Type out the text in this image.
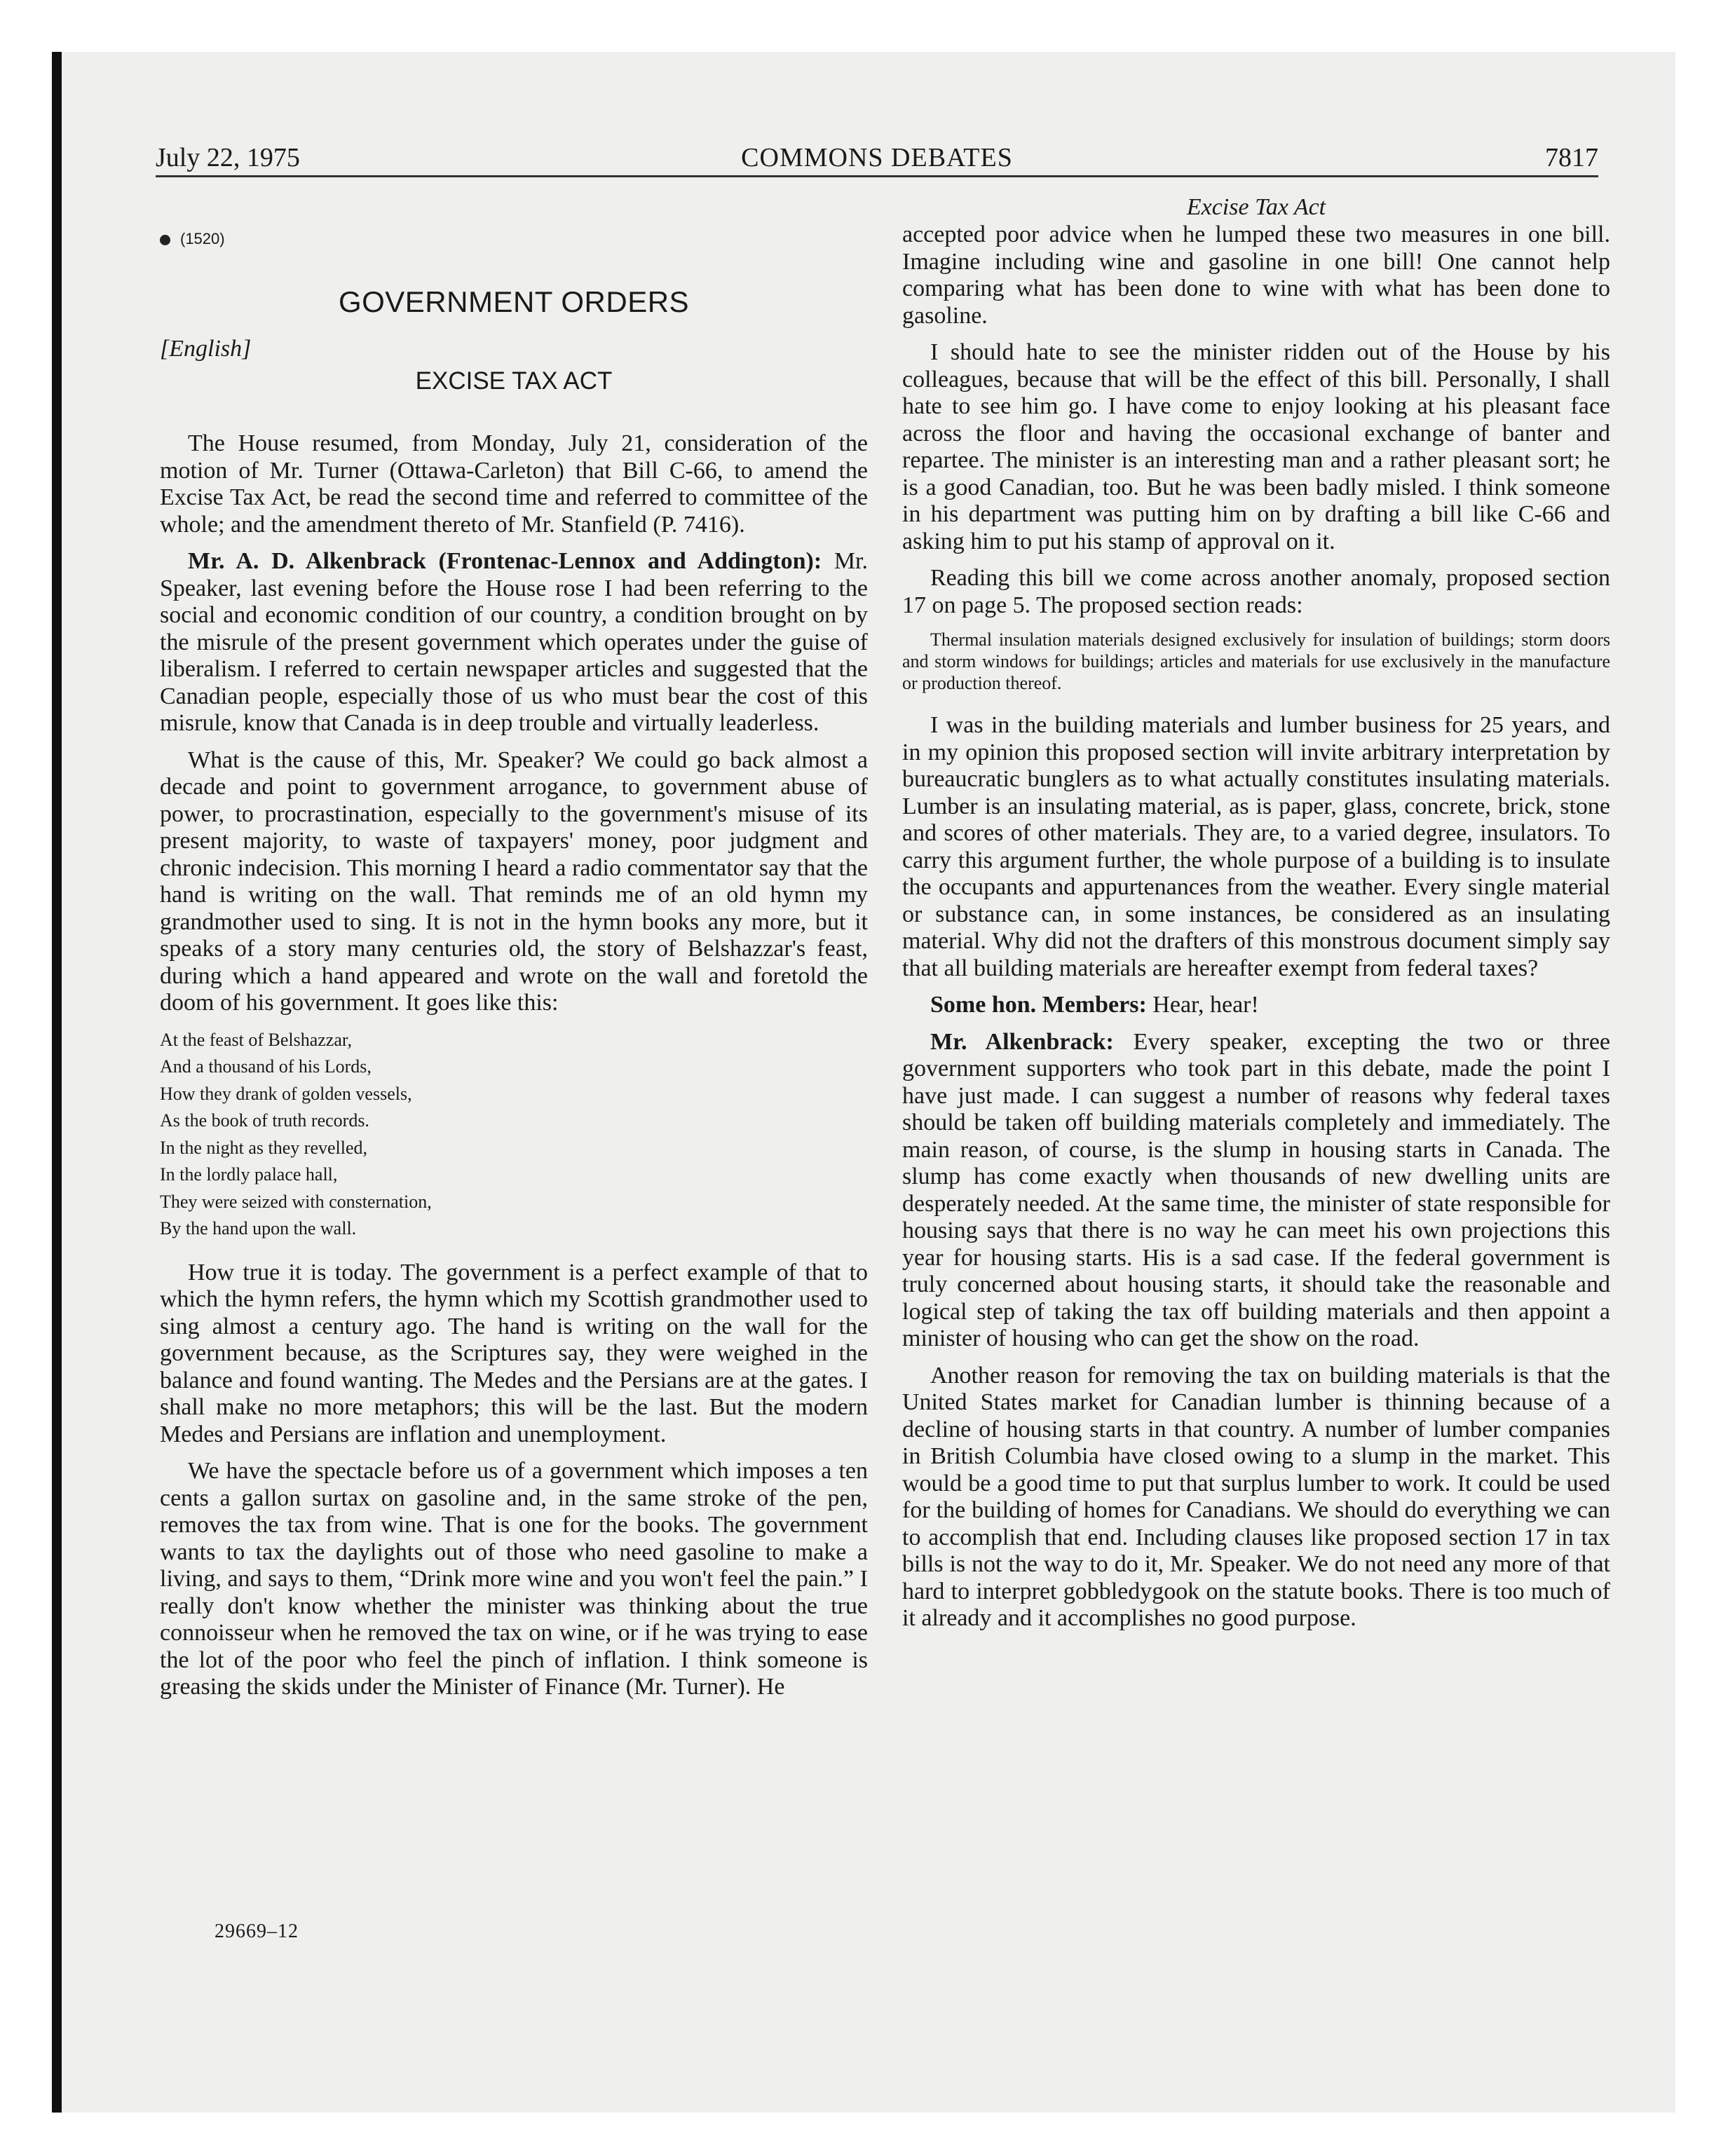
July 22, 1975	COMMONS DEBATES	7817
(1520)
GOVERNMENT ORDERS
[English]
EXCISE TAX ACT

The House resumed, from Monday, July 21, consideration of the motion of Mr. Turner (Ottawa-Carleton) that Bill C-66, to amend the Excise Tax Act, be read the second time and referred to committee of the whole; and the amendment thereto of Mr. Stanfield (P. 7416).

Mr. A. D. Alkenbrack (Frontenac-Lennox and Addington): Mr. Speaker, last evening before the House rose I had been referring to the social and economic condition of our country, a condition brought on by the misrule of the present government which operates under the guise of liberalism. I referred to certain newspaper articles and suggested that the Canadian people, especially those of us who must bear the cost of this misrule, know that Canada is in deep trouble and virtually leaderless.

What is the cause of this, Mr. Speaker? We could go back almost a decade and point to government arrogance, to government abuse of power, to procrastination, especially to the government's misuse of its present majority, to waste of taxpayers' money, poor judgment and chronic indecision. This morning I heard a radio commentator say that the hand is writing on the wall. That reminds me of an old hymn my grandmother used to sing. It is not in the hymn books any more, but it speaks of a story many centuries old, the story of Belshazzar's feast, during which a hand appeared and wrote on the wall and foretold the doom of his government. It goes like this:

At the feast of Belshazzar,
And a thousand of his Lords,
How they drank of golden vessels,
As the book of truth records.
In the night as they revelled,
In the lordly palace hall,
They were seized with consternation,
By the hand upon the wall.

How true it is today. The government is a perfect example of that to which the hymn refers, the hymn which my Scottish grandmother used to sing almost a century ago. The hand is writing on the wall for the government because, as the Scriptures say, they were weighed in the balance and found wanting. The Medes and the Persians are at the gates. I shall make no more metaphors; this will be the last. But the modern Medes and Persians are inflation and unemployment.

We have the spectacle before us of a government which imposes a ten cents a gallon surtax on gasoline and, in the same stroke of the pen, removes the tax from wine. That is one for the books. The government wants to tax the daylights out of those who need gasoline to make a living, and says to them, “Drink more wine and you won't feel the pain.” I really don't know whether the minister was thinking about the true connoisseur when he removed the tax on wine, or if he was trying to ease the lot of the poor who feel the pinch of inflation. I think someone is greasing the skids under the Minister of Finance (Mr. Turner). He

Excise Tax Act

accepted poor advice when he lumped these two measures in one bill. Imagine including wine and gasoline in one bill! One cannot help comparing what has been done to wine with what has been done to gasoline.

I should hate to see the minister ridden out of the House by his colleagues, because that will be the effect of this bill. Personally, I shall hate to see him go. I have come to enjoy looking at his pleasant face across the floor and having the occasional exchange of banter and repartee. The minister is an interesting man and a rather pleasant sort; he is a good Canadian, too. But he was been badly misled. I think someone in his department was putting him on by drafting a bill like C-66 and asking him to put his stamp of approval on it.

Reading this bill we come across another anomaly, proposed section 17 on page 5. The proposed section reads:

Thermal insulation materials designed exclusively for insulation of buildings; storm doors and storm windows for buildings; articles and materials for use exclusively in the manufacture or production thereof.

I was in the building materials and lumber business for 25 years, and in my opinion this proposed section will invite arbitrary interpretation by bureaucratic bunglers as to what actually constitutes insulating materials. Lumber is an insulating material, as is paper, glass, concrete, brick, stone and scores of other materials. They are, to a varied degree, insulators. To carry this argument further, the whole purpose of a building is to insulate the occupants and appurtenances from the weather. Every single material or substance can, in some instances, be considered as an insulating material. Why did not the drafters of this monstrous document simply say that all building materials are hereafter exempt from federal taxes?

Some hon. Members: Hear, hear!

Mr. Alkenbrack: Every speaker, excepting the two or three government supporters who took part in this debate, made the point I have just made. I can suggest a number of reasons why federal taxes should be taken off building materials completely and immediately. The main reason, of course, is the slump in housing starts in Canada. The slump has come exactly when thousands of new dwelling units are desperately needed. At the same time, the minister of state responsible for housing says that there is no way he can meet his own projections this year for housing starts. His is a sad case. If the federal government is truly concerned about housing starts, it should take the reasonable and logical step of taking the tax off building materials and then appoint a minister of housing who can get the show on the road.

Another reason for removing the tax on building materials is that the United States market for Canadian lumber is thinning because of a decline of housing starts in that country. A number of lumber companies in British Columbia have closed owing to a slump in the market. This would be a good time to put that surplus lumber to work. It could be used for the building of homes for Canadians. We should do everything we can to accomplish that end. Including clauses like proposed section 17 in tax bills is not the way to do it, Mr. Speaker. We do not need any more of that hard to interpret gobbledygook on the statute books. There is too much of it already and it accomplishes no good purpose.

29669–12
